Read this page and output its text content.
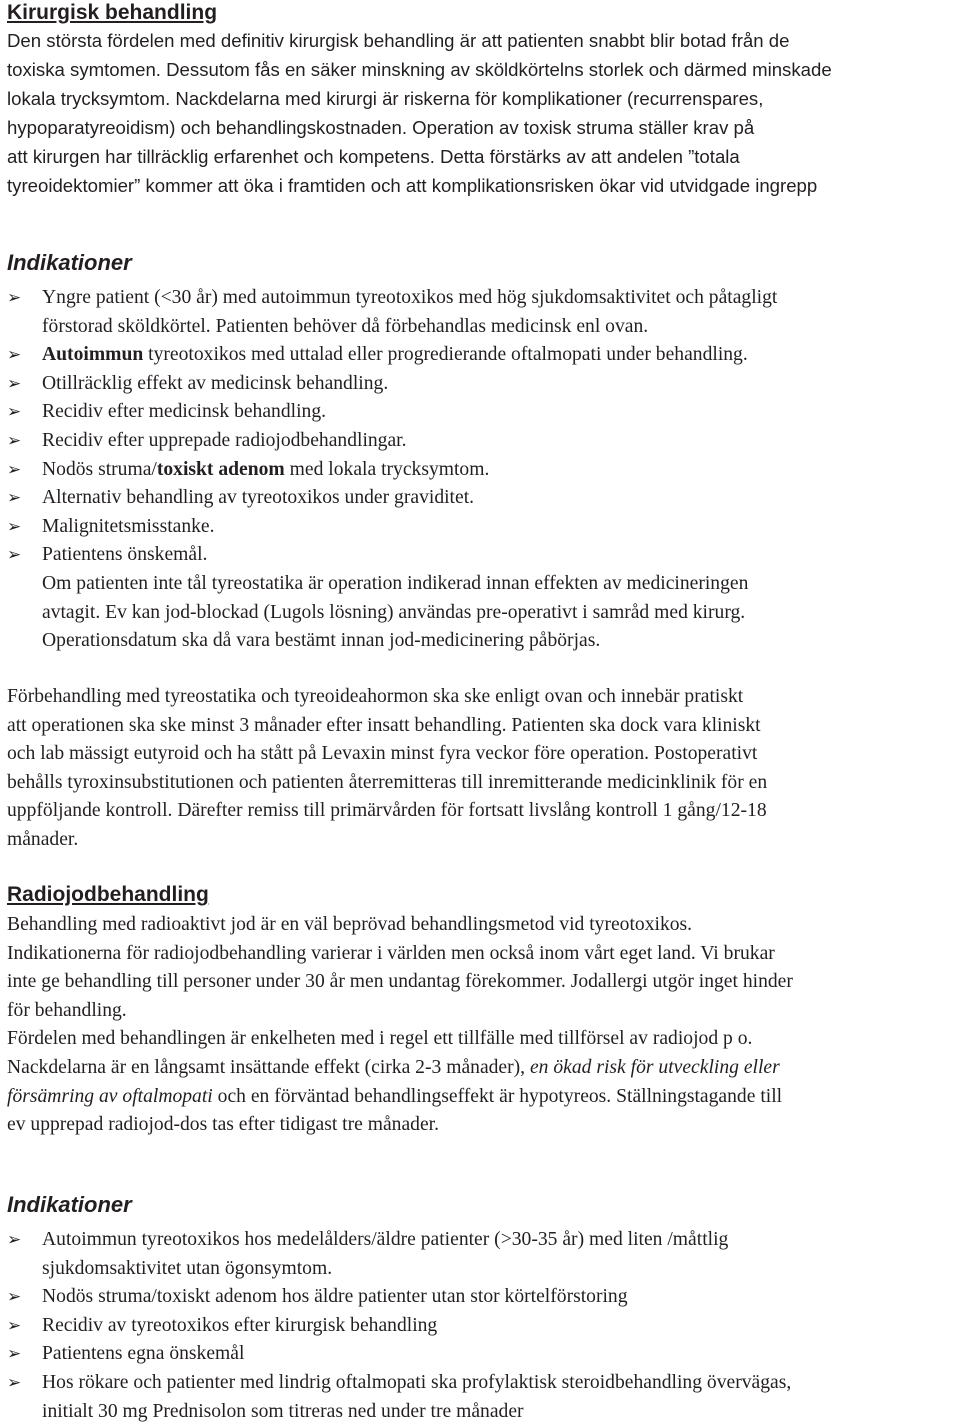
Kirurgisk behandling
Den största fördelen med definitiv kirurgisk behandling är att patienten snabbt blir botad från de
toxiska symtomen. Dessutom fås en säker minskning av sköldkörtelns storlek och därmed minskade
lokala trycksymtom. Nackdelarna med kirurgi är riskerna för komplikationer (recurrenspares,
hypoparatyreoidism) och behandlingskostnaden. Operation av toxisk struma ställer krav på
att kirurgen har tillräcklig erfarenhet och kompetens. Detta förstärks av att andelen ”totala
tyreoidektomier” kommer att öka i framtiden och att komplikationsrisken ökar vid utvidgade ingrepp
Indikationer
➢ Yngre patient (<30 år) med autoimmun tyreotoxikos med hög sjukdomsaktivitet och påtagligt
förstorad sköldkörtel. Patienten behöver då förbehandlas medicinsk enl ovan.
➢ Autoimmun tyreotoxikos med uttalad eller progredierande oftalmopati under behandling.
➢ Otillräcklig effekt av medicinsk behandling.
➢ Recidiv efter medicinsk behandling.
➢ Recidiv efter upprepade radiojodbehandlingar.
➢ Nodös struma/toxiskt adenom med lokala trycksymtom.
➢ Alternativ behandling av tyreotoxikos under graviditet.
➢ Malignitetsmisstanke.
➢ Patientens önskemål.
Om patienten inte tål tyreostatika är operation indikerad innan effekten av medicineringen
avtagit. Ev kan jod-blockad (Lugols lösning) användas pre-operativt i samråd med kirurg.
Operationsdatum ska då vara bestämt innan jod-medicinering påbörjas.
Förbehandling med tyreostatika och tyreoideahormon ska ske enligt ovan och innebär pratiskt
att operationen ska ske minst 3 månader efter insatt behandling. Patienten ska dock vara kliniskt
och lab mässigt eutyroid och ha stått på Levaxin minst fyra veckor före operation. Postoperativt
behålls tyroxinsubstitutionen och patienten återremitteras till inremitterande medicinklinik för en
uppföljande kontroll. Därefter remiss till primärvården för fortsatt livslång kontroll 1 gång/12-18
månader.
Radiojodbehandling
Behandling med radioaktivt jod är en väl beprövad behandlingsmetod vid tyreotoxikos.
Indikationerna för radiojodbehandling varierar i världen men också inom vårt eget land. Vi brukar
inte ge behandling till personer under 30 år men undantag förekommer. Jodallergi utgör inget hinder
för behandling.
Fördelen med behandlingen är enkelheten med i regel ett tillfälle med tillförsel av radiojod p o.
Nackdelarna är en långsamt insättande effekt (cirka 2-3 månader), en ökad risk för utveckling eller
försämring av oftalmopati och en förväntad behandlingseffekt är hypotyreos. Ställningstagande till
ev upprepad radiojod-dos tas efter tidigast tre månader.
Indikationer
➢ Autoimmun tyreotoxikos hos medelålders/äldre patienter (>30-35 år) med liten /måttlig
sjukdomsaktivitet utan ögonsymtom.
➢ Nodös struma/toxiskt adenom hos äldre patienter utan stor körtelförstoring
➢ Recidiv av tyreotoxikos efter kirurgisk behandling
➢ Patientens egna önskemål
➢ Hos rökare och patienter med lindrig oftalmopati ska profylaktisk steroidbehandling övervägas,
initialt 30 mg Prednisolon som titreras ned under tre månader
